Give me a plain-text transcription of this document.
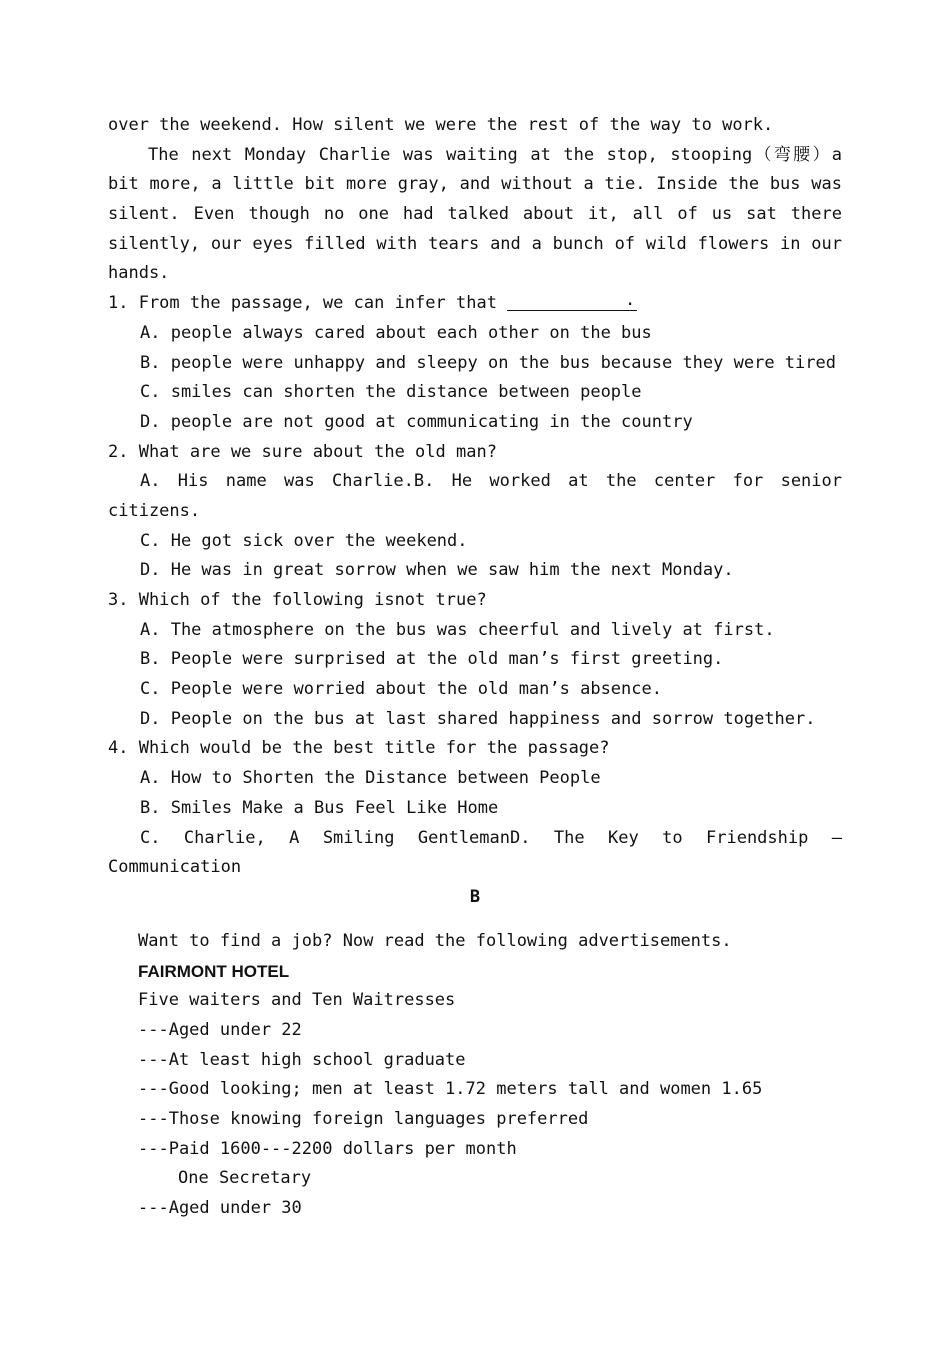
over the weekend. How silent we were the rest of the way to work.
The next Monday Charlie was waiting at the stop, stooping（弯腰）a
bit more, a little bit more gray, and without a tie. Inside the bus was
silent. Even though no one had talked about it, all of us sat there
silently, our eyes filled with tears and a bunch of wild flowers in our
hands.
1. From the passage, we can infer that	.
A. people always cared about each other on the bus
B. people were unhappy and sleepy on the bus because they were tired
C. smiles can shorten the distance between people
D. people are not good at communicating in the country
2. What are we sure about the old man?
A. His name was Charlie.B. He worked at the center for senior
citizens.
C. He got sick over the weekend.
D. He was in great sorrow when we saw him the next Monday.
3. Which of the following isnot true?
A. The atmosphere on the bus was cheerful and lively at first.
B. People were surprised at the old man’s first greeting.
C. People were worried about the old man’s absence.
D. People on the bus at last shared happiness and sorrow together.
4. Which would be the best title for the passage?
A. How to Shorten the Distance between People
B. Smiles Make a Bus Feel Like Home
C. Charlie, A Smiling GentlemanD. The Key to Friendship —
Communication
B
Want to find a job? Now read the following advertisements.
FAIRMONT HOTEL
Five waiters and Ten Waitresses
---Aged under 22
---At least high school graduate
---Good looking; men at least 1.72 meters tall and women 1.65
---Those knowing foreign languages preferred
---Paid 1600---2200 dollars per month
One Secretary
---Aged under 30
